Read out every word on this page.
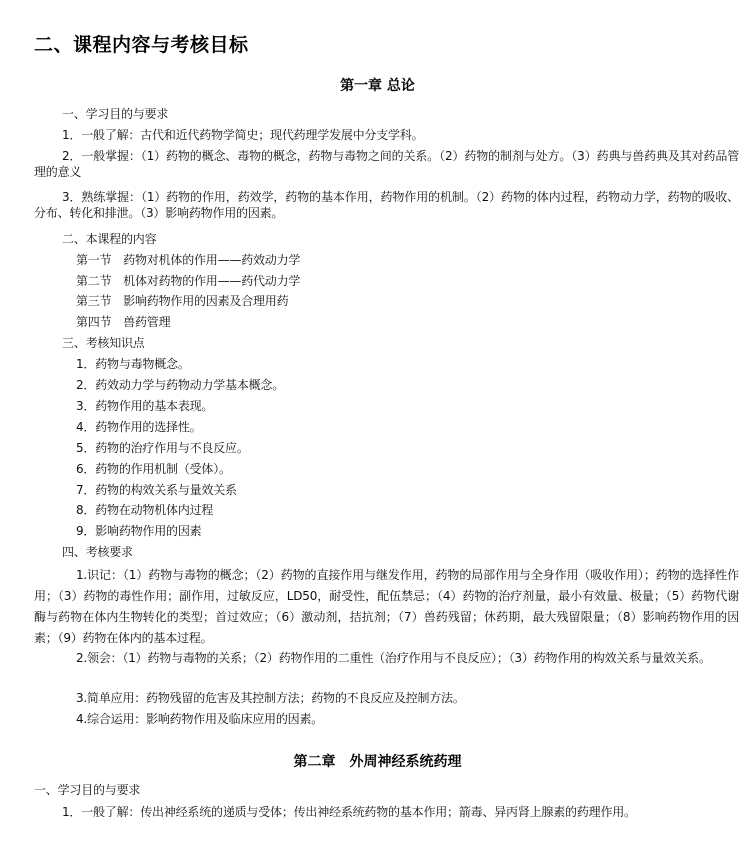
二、课程内容与考核目标
第一章 总论
一、学习目的与要求
1．一般了解：古代和近代药物学简史；现代药理学发展中分支学科。
2．一般掌握：（1）药物的概念、毒物的概念，药物与毒物之间的关系。（2）药物的制剂与处方。（3）药典与兽药典及其对药品管理的意义
3．熟练掌握：（1）药物的作用，药效学，药物的基本作用，药物作用的机制。（2）药物的体内过程，药物动力学，药物的吸收、分布、转化和排泄。（3）影响药物作用的因素。
二、本课程的内容
第一节　药物对机体的作用——药效动力学
第二节　机体对药物的作用——药代动力学
第三节　影响药物作用的因素及合理用药
第四节　兽药管理
三、考核知识点
1．药物与毒物概念。
2．药效动力学与药物动力学基本概念。
3．药物作用的基本表现。
4．药物作用的选择性。
5．药物的治疗作用与不良反应。
6．药物的作用机制（受体）。
7．药物的构效关系与量效关系
8．药物在动物机体内过程
9．影响药物作用的因素
四、考核要求
1.识记：（1）药物与毒物的概念；（2）药物的直接作用与继发作用，药物的局部作用与全身作用（吸收作用）；药物的选择性作用；（3）药物的毒性作用；副作用，过敏反应，LD50，耐受性，配伍禁忌；（4）药物的治疗剂量，最小有效量、极量；（5）药物代谢酶与药物在体内生物转化的类型；首过效应；（6）激动剂，拮抗剂；（7）兽药残留；休药期，最大残留限量；（8）影响药物作用的因素；（9）药物在体内的基本过程。
2.领会：（1）药物与毒物的关系；（2）药物作用的二重性（治疗作用与不良反应）；（3）药物作用的构效关系与量效关系。
3.简单应用：药物残留的危害及其控制方法；药物的不良反应及控制方法。
4.综合运用：影响药物作用及临床应用的因素。
第二章　外周神经系统药理
一、学习目的与要求
1．一般了解：传出神经系统的递质与受体；传出神经系统药物的基本作用；箭毒、异丙肾上腺素的药理作用。
